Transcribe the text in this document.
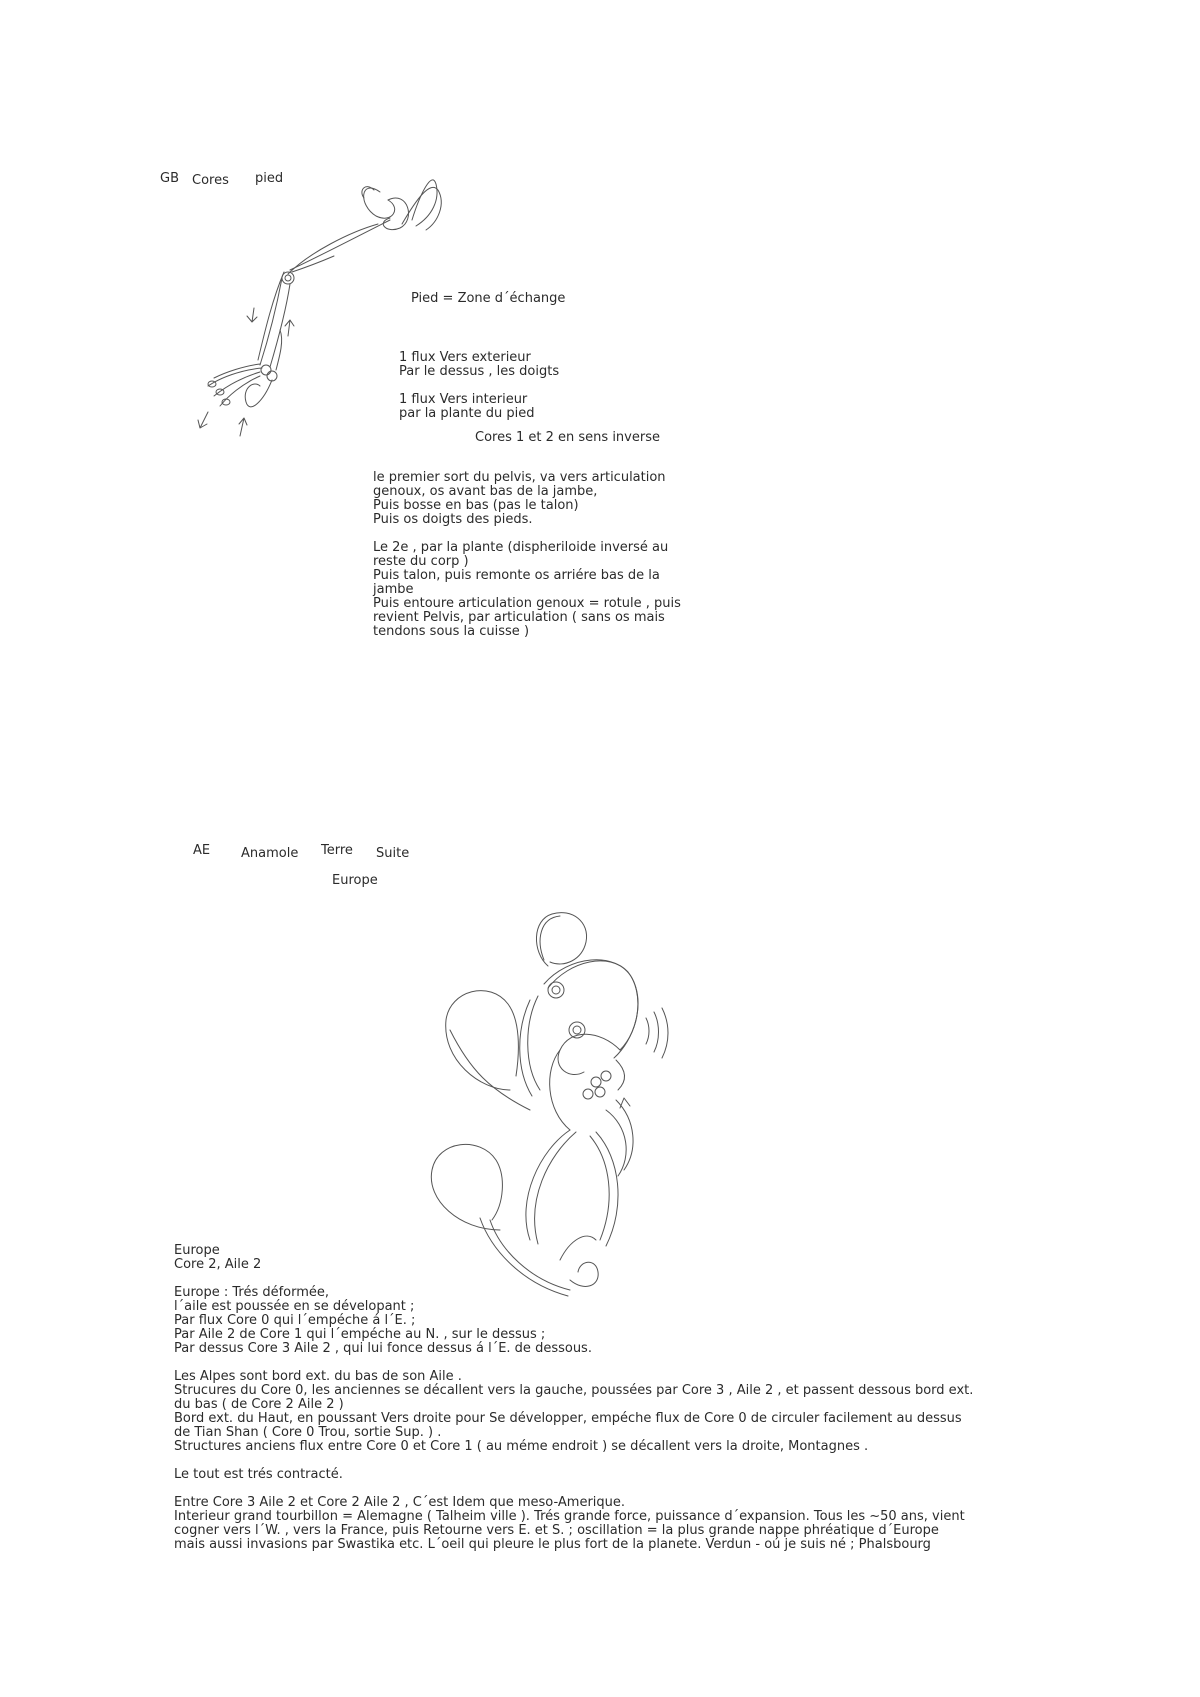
GB Cores pied
Pied = Zone d´échange
1 flux Vers exterieur
Par le dessus , les doigts
1 flux Vers interieur
par la plante du pied
Cores 1 et 2 en sens inverse
le premier sort du pelvis, va vers articulation
genoux, os avant bas de la jambe,
Puis bosse en bas (pas le talon)
Puis os doigts des pieds.
Le 2e , par la plante (dispheriloide inversé au
reste du corp )
Puis talon, puis remonte os arriére bas de la
jambe
Puis entoure articulation genoux = rotule , puis
revient Pelvis, par articulation ( sans os mais
tendons sous la cuisse )
AE Anamole Terre Suite
Europe
Europe
Core 2, Aile 2
Europe : Trés déformée,
l´aile est poussée en se dévelopant ;
Par flux Core 0 qui l´empéche á l´E. ;
Par Aile 2 de Core 1 qui l´empéche au N. , sur le dessus ;
Par dessus Core 3 Aile 2 , qui lui fonce dessus á l´E. de dessous.
Les Alpes sont bord ext. du bas de son Aile .
Strucures du Core 0, les anciennes se décallent vers la gauche, poussées par Core 3 , Aile 2 , et passent dessous bord ext.
du bas ( de Core 2 Aile 2 )
Bord ext. du Haut, en poussant Vers droite pour Se développer, empéche flux de Core 0 de circuler facilement au dessus
de Tian Shan ( Core 0 Trou, sortie Sup. ) .
Structures anciens flux entre Core 0 et Core 1 ( au méme endroit ) se décallent vers la droite, Montagnes .
Le tout est trés contracté.
Entre Core 3 Aile 2 et Core 2 Aile 2 , C´est Idem que meso-Amerique.
Interieur grand tourbillon = Alemagne ( Talheim ville ). Trés grande force, puissance d´expansion. Tous les ~50 ans, vient
cogner vers l´W. , vers la France, puis Retourne vers E. et S. ; oscillation = la plus grande nappe phréatique d´Europe
mais aussi invasions par Swastika etc. L´oeil qui pleure le plus fort de la planete. Verdun - oú je suis né ; Phalsbourg
